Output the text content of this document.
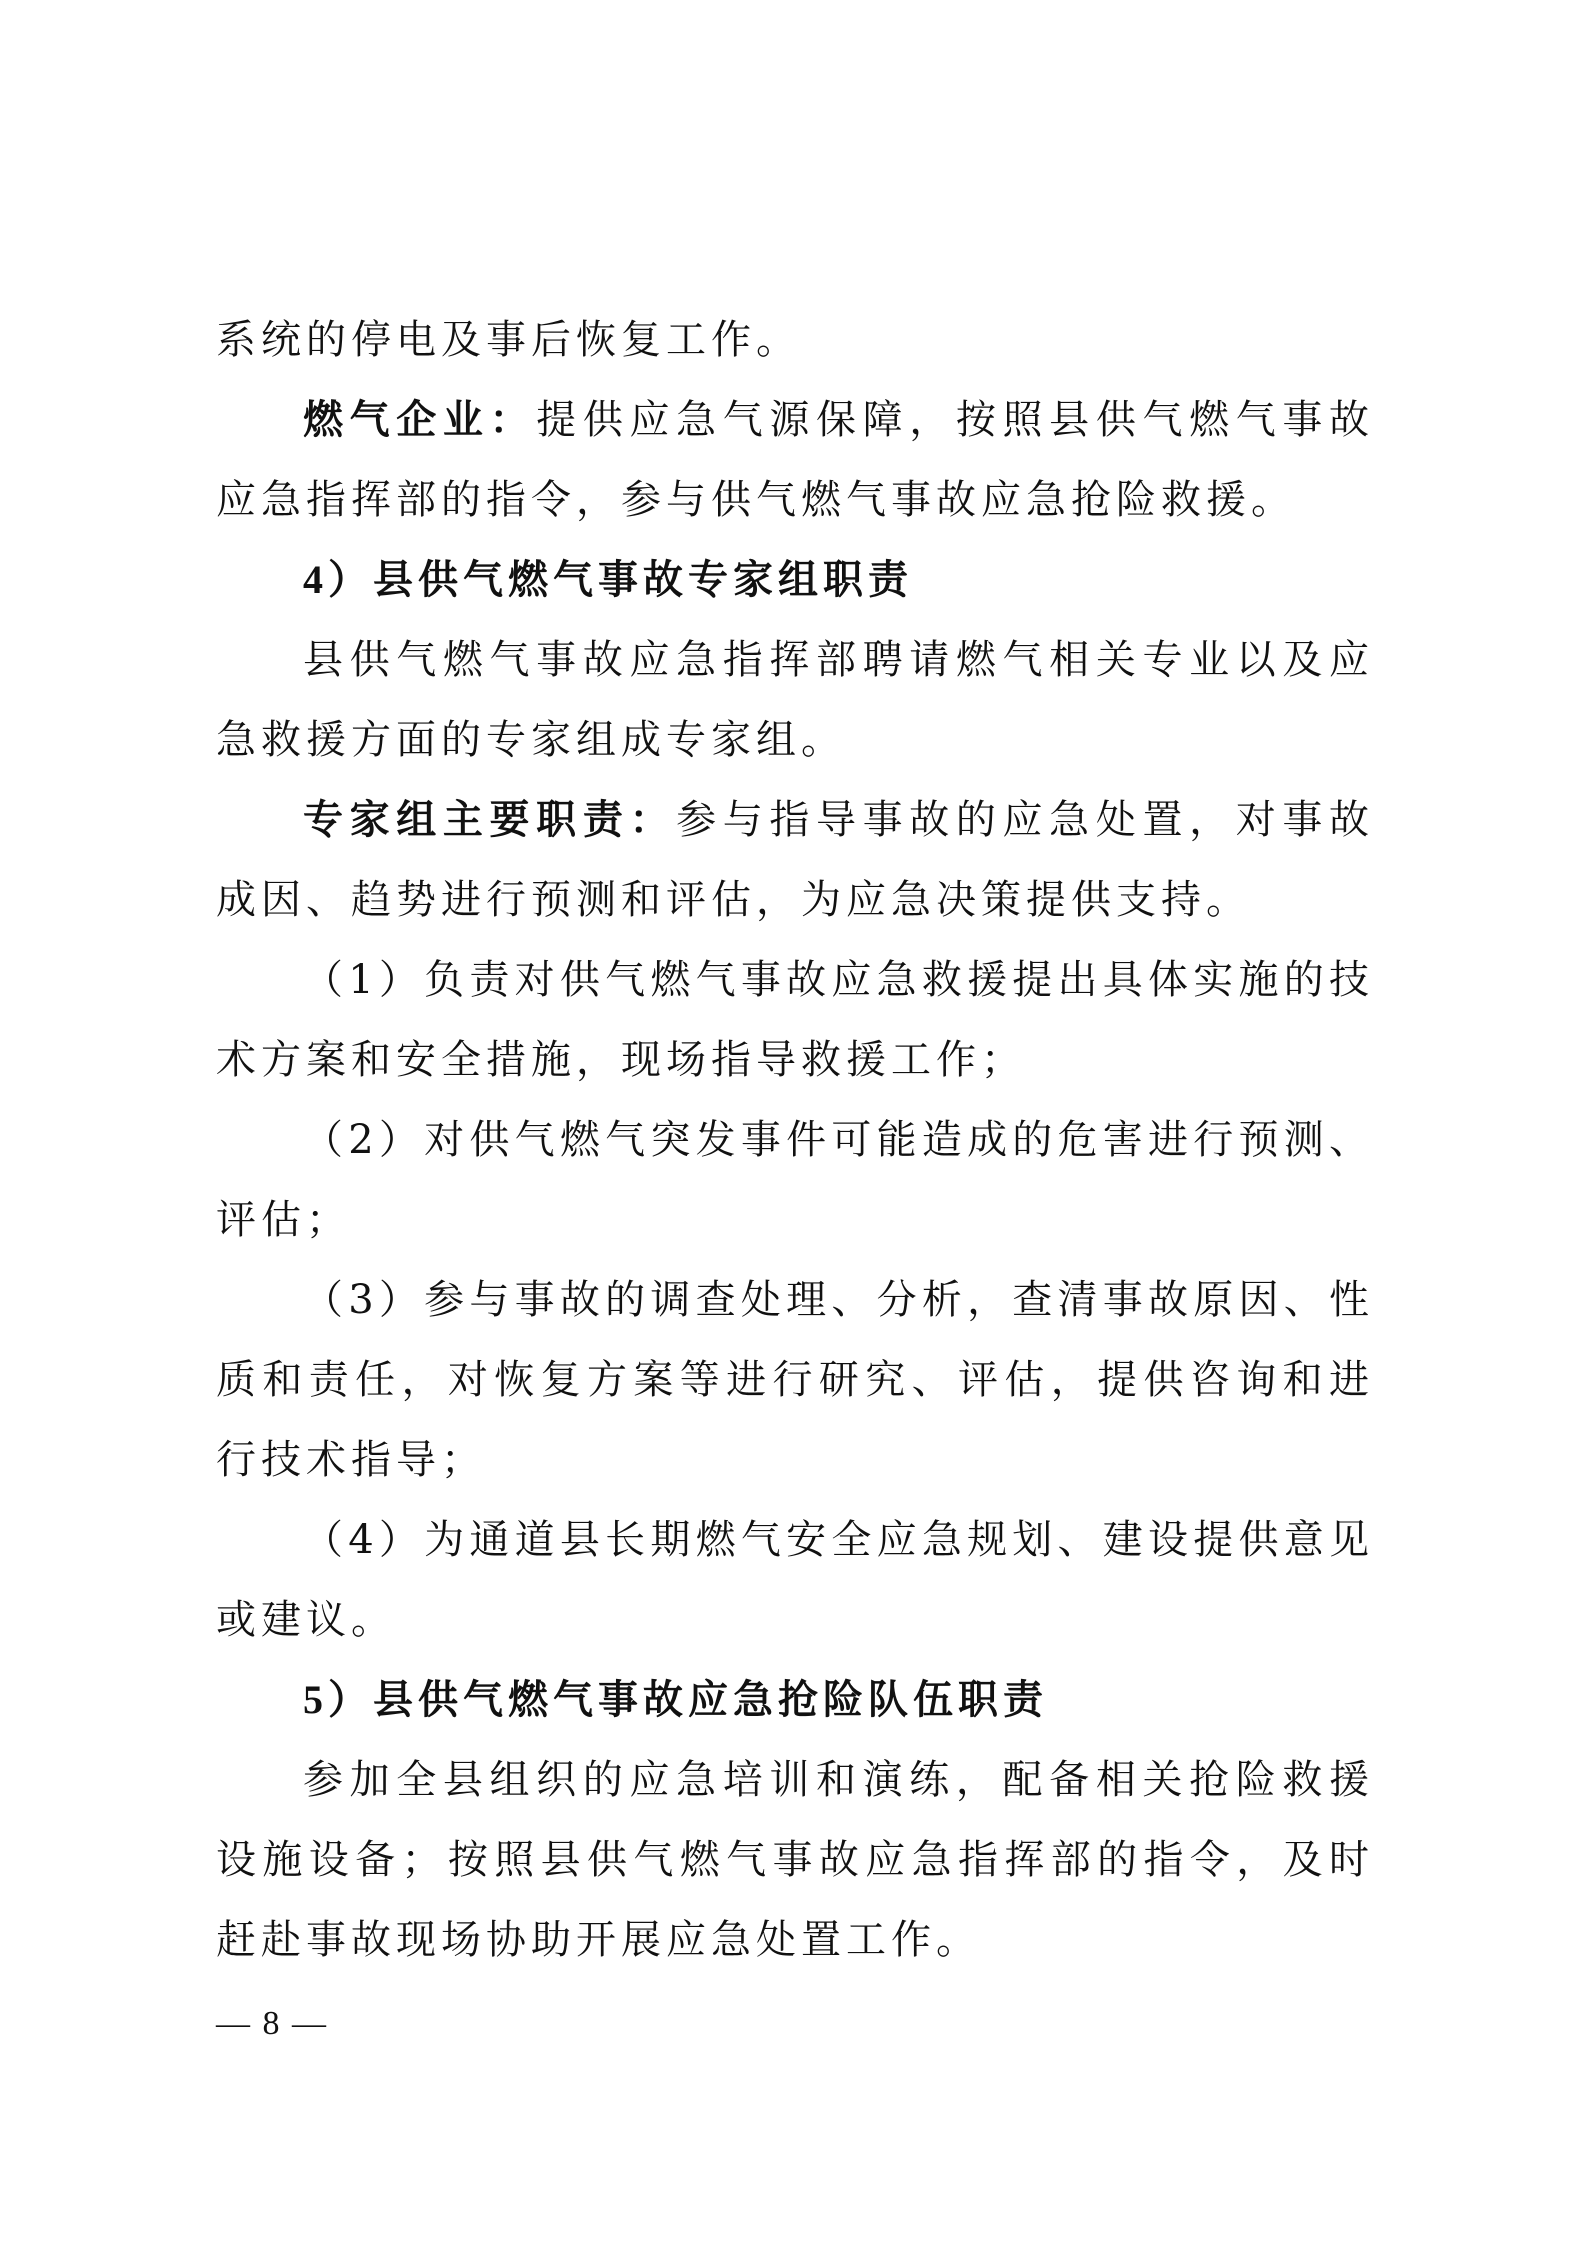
系统的停电及事后恢复工作。

燃气企业：提供应急气源保障，按照县供气燃气事故应急指挥部的指令，参与供气燃气事故应急抢险救援。

4）县供气燃气事故专家组职责

县供气燃气事故应急指挥部聘请燃气相关专业以及应急救援方面的专家组成专家组。

专家组主要职责：参与指导事故的应急处置，对事故成因、趋势进行预测和评估，为应急决策提供支持。

（1）负责对供气燃气事故应急救援提出具体实施的技术方案和安全措施，现场指导救援工作；

（2）对供气燃气突发事件可能造成的危害进行预测、评估；

（3）参与事故的调查处理、分析，查清事故原因、性质和责任，对恢复方案等进行研究、评估，提供咨询和进行技术指导；

（4）为通道县长期燃气安全应急规划、建设提供意见或建议。

5）县供气燃气事故应急抢险队伍职责

参加全县组织的应急培训和演练，配备相关抢险救援设施设备；按照县供气燃气事故应急指挥部的指令，及时赶赴事故现场协助开展应急处置工作。

— 8 —
